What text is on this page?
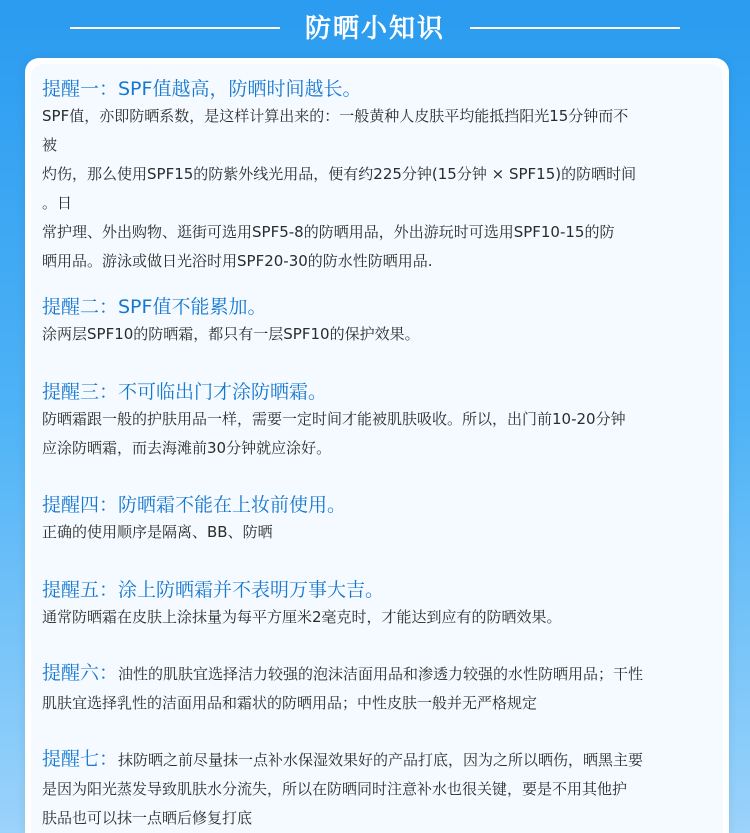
防晒小知识
提醒一：SPF值越高，防晒时间越长。

SPF值，亦即防晒系数，是这样计算出来的：一般黄种人皮肤平均能抵挡阳光15分钟而不

被

灼伤，那么使用SPF15的防紫外线光用品，便有约225分钟(15分钟 × SPF15)的防晒时间

。日

常护理、外出购物、逛街可选用SPF5-8的防晒用品，外出游玩时可选用SPF10-15的防

晒用品。游泳或做日光浴时用SPF20-30的防水性防晒用品.

提醒二：SPF值不能累加。

涂两层SPF10的防晒霜，都只有一层SPF10的保护效果。

提醒三：不可临出门才涂防晒霜。

防晒霜跟一般的护肤用品一样，需要一定时间才能被肌肤吸收。所以，出门前10-20分钟

应涂防晒霜，而去海滩前30分钟就应涂好。

提醒四：防晒霜不能在上妆前使用。

正确的使用顺序是隔离、BB、防晒

提醒五：涂上防晒霜并不表明万事大吉。

通常防晒霜在皮肤上涂抹量为每平方厘米2毫克时，才能达到应有的防晒效果。

提醒六：油性的肌肤宜选择洁力较强的泡沫洁面用品和渗透力较强的水性防晒用品；干性

肌肤宜选择乳性的洁面用品和霜状的防晒用品；中性皮肤一般并无严格规定

提醒七：抹防晒之前尽量抹一点补水保湿效果好的产品打底，因为之所以晒伤，晒黑主要

是因为阳光蒸发导致肌肤水分流失，所以在防晒同时注意补水也很关键，要是不用其他护

肤品也可以抹一点晒后修复打底
